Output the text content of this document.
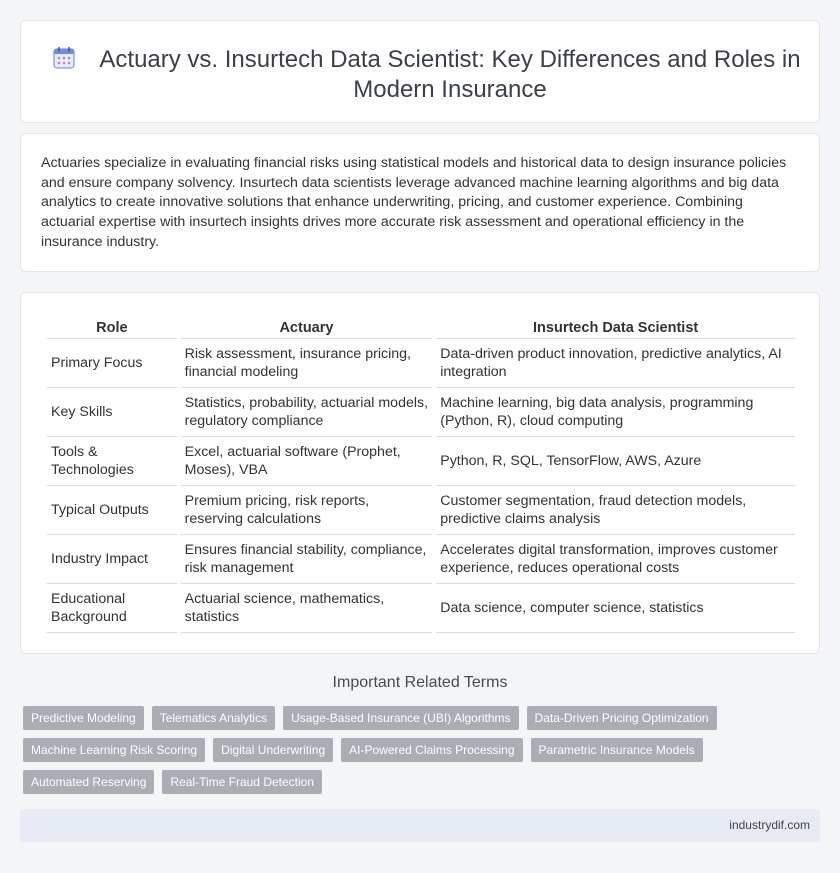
Actuary vs. Insurtech Data Scientist: Key Differences and Roles in
Modern Insurance

Actuaries specialize in evaluating financial risks using statistical models and historical data to design insurance policies and ensure company solvency. Insurtech data scientists leverage advanced machine learning algorithms and big data analytics to create innovative solutions that enhance underwriting, pricing, and customer experience. Combining actuarial expertise with insurtech insights drives more accurate risk assessment and operational efficiency in the insurance industry.

Role	Actuary	Insurtech Data Scientist
Primary Focus	Risk assessment, insurance pricing, financial modeling	Data-driven product innovation, predictive analytics, AI integration
Key Skills	Statistics, probability, actuarial models, regulatory compliance	Machine learning, big data analysis, programming (Python, R), cloud computing
Tools & Technologies	Excel, actuarial software (Prophet, Moses), VBA	Python, R, SQL, TensorFlow, AWS, Azure
Typical Outputs	Premium pricing, risk reports, reserving calculations	Customer segmentation, fraud detection models, predictive claims analysis
Industry Impact	Ensures financial stability, compliance, risk management	Accelerates digital transformation, improves customer experience, reduces operational costs
Educational Background	Actuarial science, mathematics, statistics	Data science, computer science, statistics
Important Related Terms
Predictive Modeling	Telematics Analytics	Usage-Based Insurance (UBI) Algorithms	Data-Driven Pricing Optimization
Machine Learning Risk Scoring	Digital Underwriting	AI-Powered Claims Processing	Parametric Insurance Models
Automated Reserving	Real-Time Fraud Detection
industrydif.com
